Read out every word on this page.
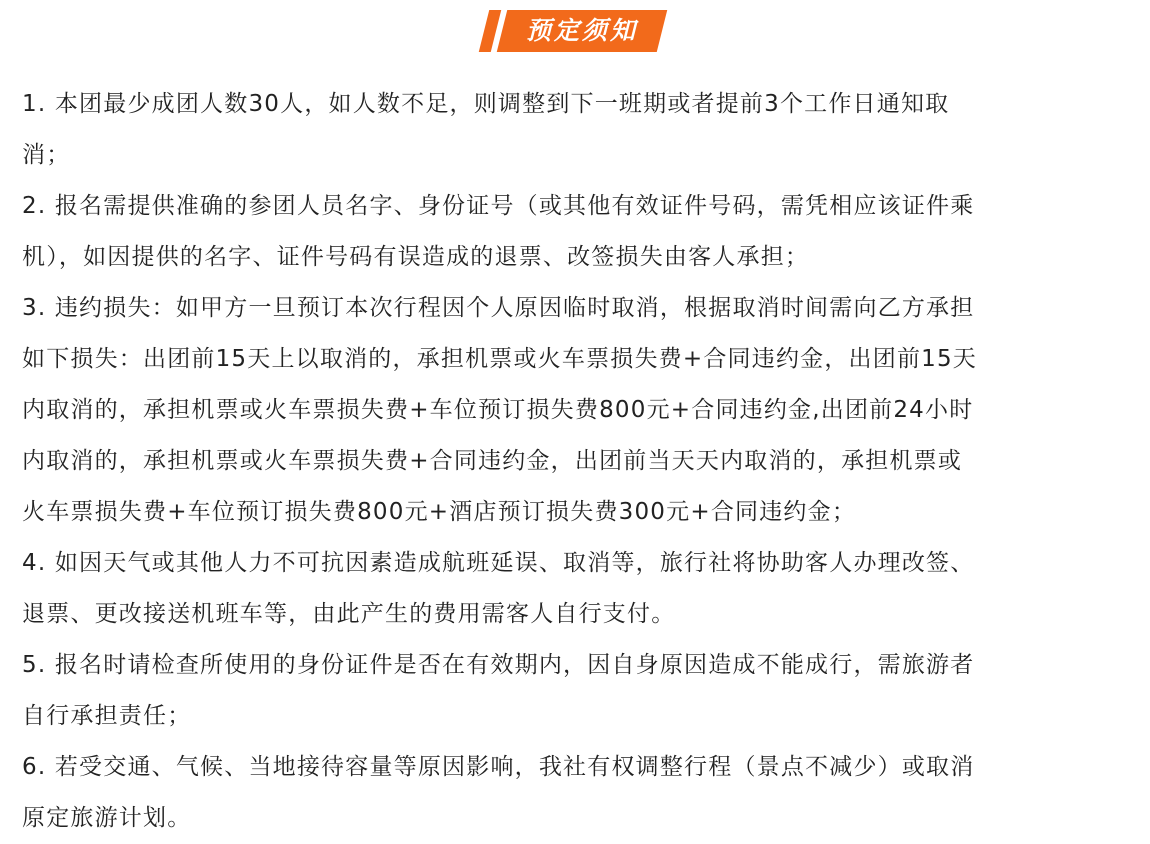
预定须知

1. 本团最少成团人数30人，如人数不足，则调整到下一班期或者提前3个工作日通知取
消；

2. 报名需提供准确的参团人员名字、身份证号（或其他有效证件号码，需凭相应该证件乘
机），如因提供的名字、证件号码有误造成的退票、改签损失由客人承担；

3. 违约损失：如甲方一旦预订本次行程因个人原因临时取消，根据取消时间需向乙方承担
如下损失：出团前15天上以取消的，承担机票或火车票损失费+合同违约金，出团前15天
内取消的，承担机票或火车票损失费+车位预订损失费800元+合同违约金,出团前24小时
内取消的，承担机票或火车票损失费+合同违约金，出团前当天天内取消的，承担机票或
火车票损失费+车位预订损失费800元+酒店预订损失费300元+合同违约金；

4. 如因天气或其他人力不可抗因素造成航班延误、取消等，旅行社将协助客人办理改签、
退票、更改接送机班车等，由此产生的费用需客人自行支付。

5. 报名时请检查所使用的身份证件是否在有效期内，因自身原因造成不能成行，需旅游者
自行承担责任；

6. 若受交通、气候、当地接待容量等原因影响，我社有权调整行程（景点不减少）或取消
原定旅游计划。
